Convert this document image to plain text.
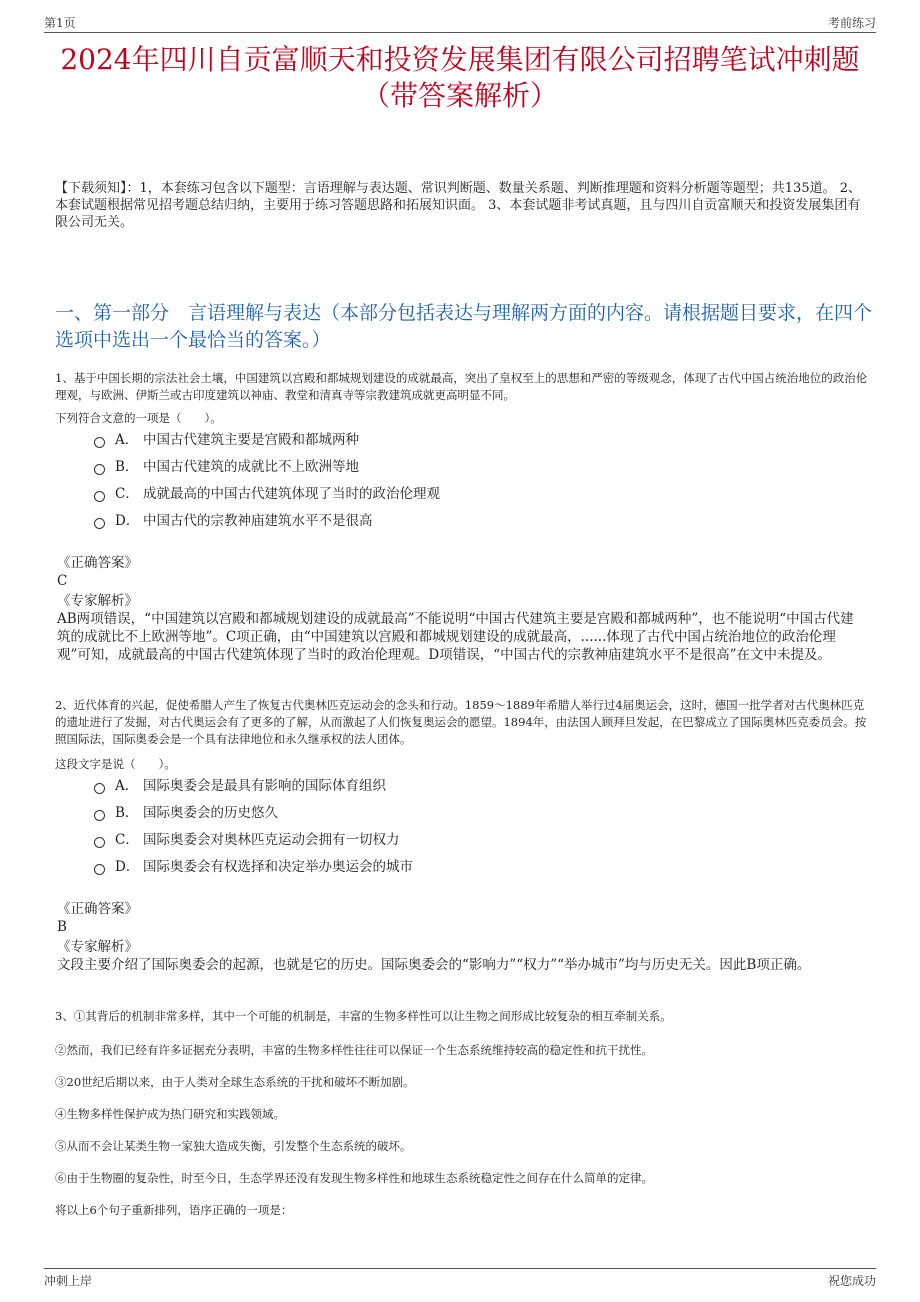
第1页	考前练习
2024年四川自贡富顺天和投资发展集团有限公司招聘笔试冲刺题（带答案解析）
【下载须知】：1，本套练习包含以下题型：言语理解与表达题、常识判断题、数量关系题、判断推理题和资料分析题等题型；共135道。 2、本套试题根据常见招考题总结归纳，主要用于练习答题思路和拓展知识面。 3、本套试题非考试真题，且与四川自贡富顺天和投资发展集团有限公司无关。
一、第一部分　言语理解与表达（本部分包括表达与理解两方面的内容。请根据题目要求，在四个选项中选出一个最恰当的答案。）
1、基于中国长期的宗法社会土壤，中国建筑以宫殿和都城规划建设的成就最高，突出了皇权至上的思想和严密的等级观念，体现了古代中国占统治地位的政治伦理观，与欧洲、伊斯兰或古印度建筑以神庙、教堂和清真寺等宗教建筑成就更高明显不同。
下列符合文意的一项是（　　）。
A． 中国古代建筑主要是宫殿和都城两种
B． 中国古代建筑的成就比不上欧洲等地
C． 成就最高的中国古代建筑体现了当时的政治伦理观
D． 中国古代的宗教神庙建筑水平不是很高
《正确答案》
C
《专家解析》
AB两项错误，“中国建筑以宫殿和都城规划建设的成就最高”不能说明“中国古代建筑主要是宫殿和都城两种”，也不能说明“中国古代建筑的成就比不上欧洲等地”。C项正确，由“中国建筑以宫殿和都城规划建设的成就最高，......体现了古代中国占统治地位的政治伦理观”可知，成就最高的中国古代建筑体现了当时的政治伦理观。D项错误，“中国古代的宗教神庙建筑水平不是很高”在文中未提及。
2、近代体育的兴起，促使希腊人产生了恢复古代奥林匹克运动会的念头和行动。1859～1889年希腊人举行过4届奥运会，这时，德国一批学者对古代奥林匹克的遗址进行了发掘，对古代奥运会有了更多的了解，从而激起了人们恢复奥运会的愿望。1894年，由法国人顾拜旦发起，在巴黎成立了国际奥林匹克委员会。按照国际法，国际奥委会是一个具有法律地位和永久继承权的法人团体。
这段文字是说（　　）。
A． 国际奥委会是最具有影响的国际体育组织
B． 国际奥委会的历史悠久
C． 国际奥委会对奥林匹克运动会拥有一切权力
D． 国际奥委会有权选择和决定举办奥运会的城市
《正确答案》
B
《专家解析》
文段主要介绍了国际奥委会的起源，也就是它的历史。国际奥委会的“影响力”“权力”“举办城市”均与历史无关。因此B项正确。
3、①其背后的机制非常多样，其中一个可能的机制是，丰富的生物多样性可以让生物之间形成比较复杂的相互牵制关系。
②然而，我们已经有许多证据充分表明，丰富的生物多样性往往可以保证一个生态系统维持较高的稳定性和抗干扰性。
③20世纪后期以来，由于人类对全球生态系统的干扰和破坏不断加剧。
④生物多样性保护成为热门研究和实践领域。
⑤从而不会让某类生物一家独大造成失衡，引发整个生态系统的破坏。
⑥由于生物圈的复杂性，时至今日，生态学界还没有发现生物多样性和地球生态系统稳定性之间存在什么简单的定律。
将以上6个句子重新排列，语序正确的一项是：
冲刺上岸	祝您成功
